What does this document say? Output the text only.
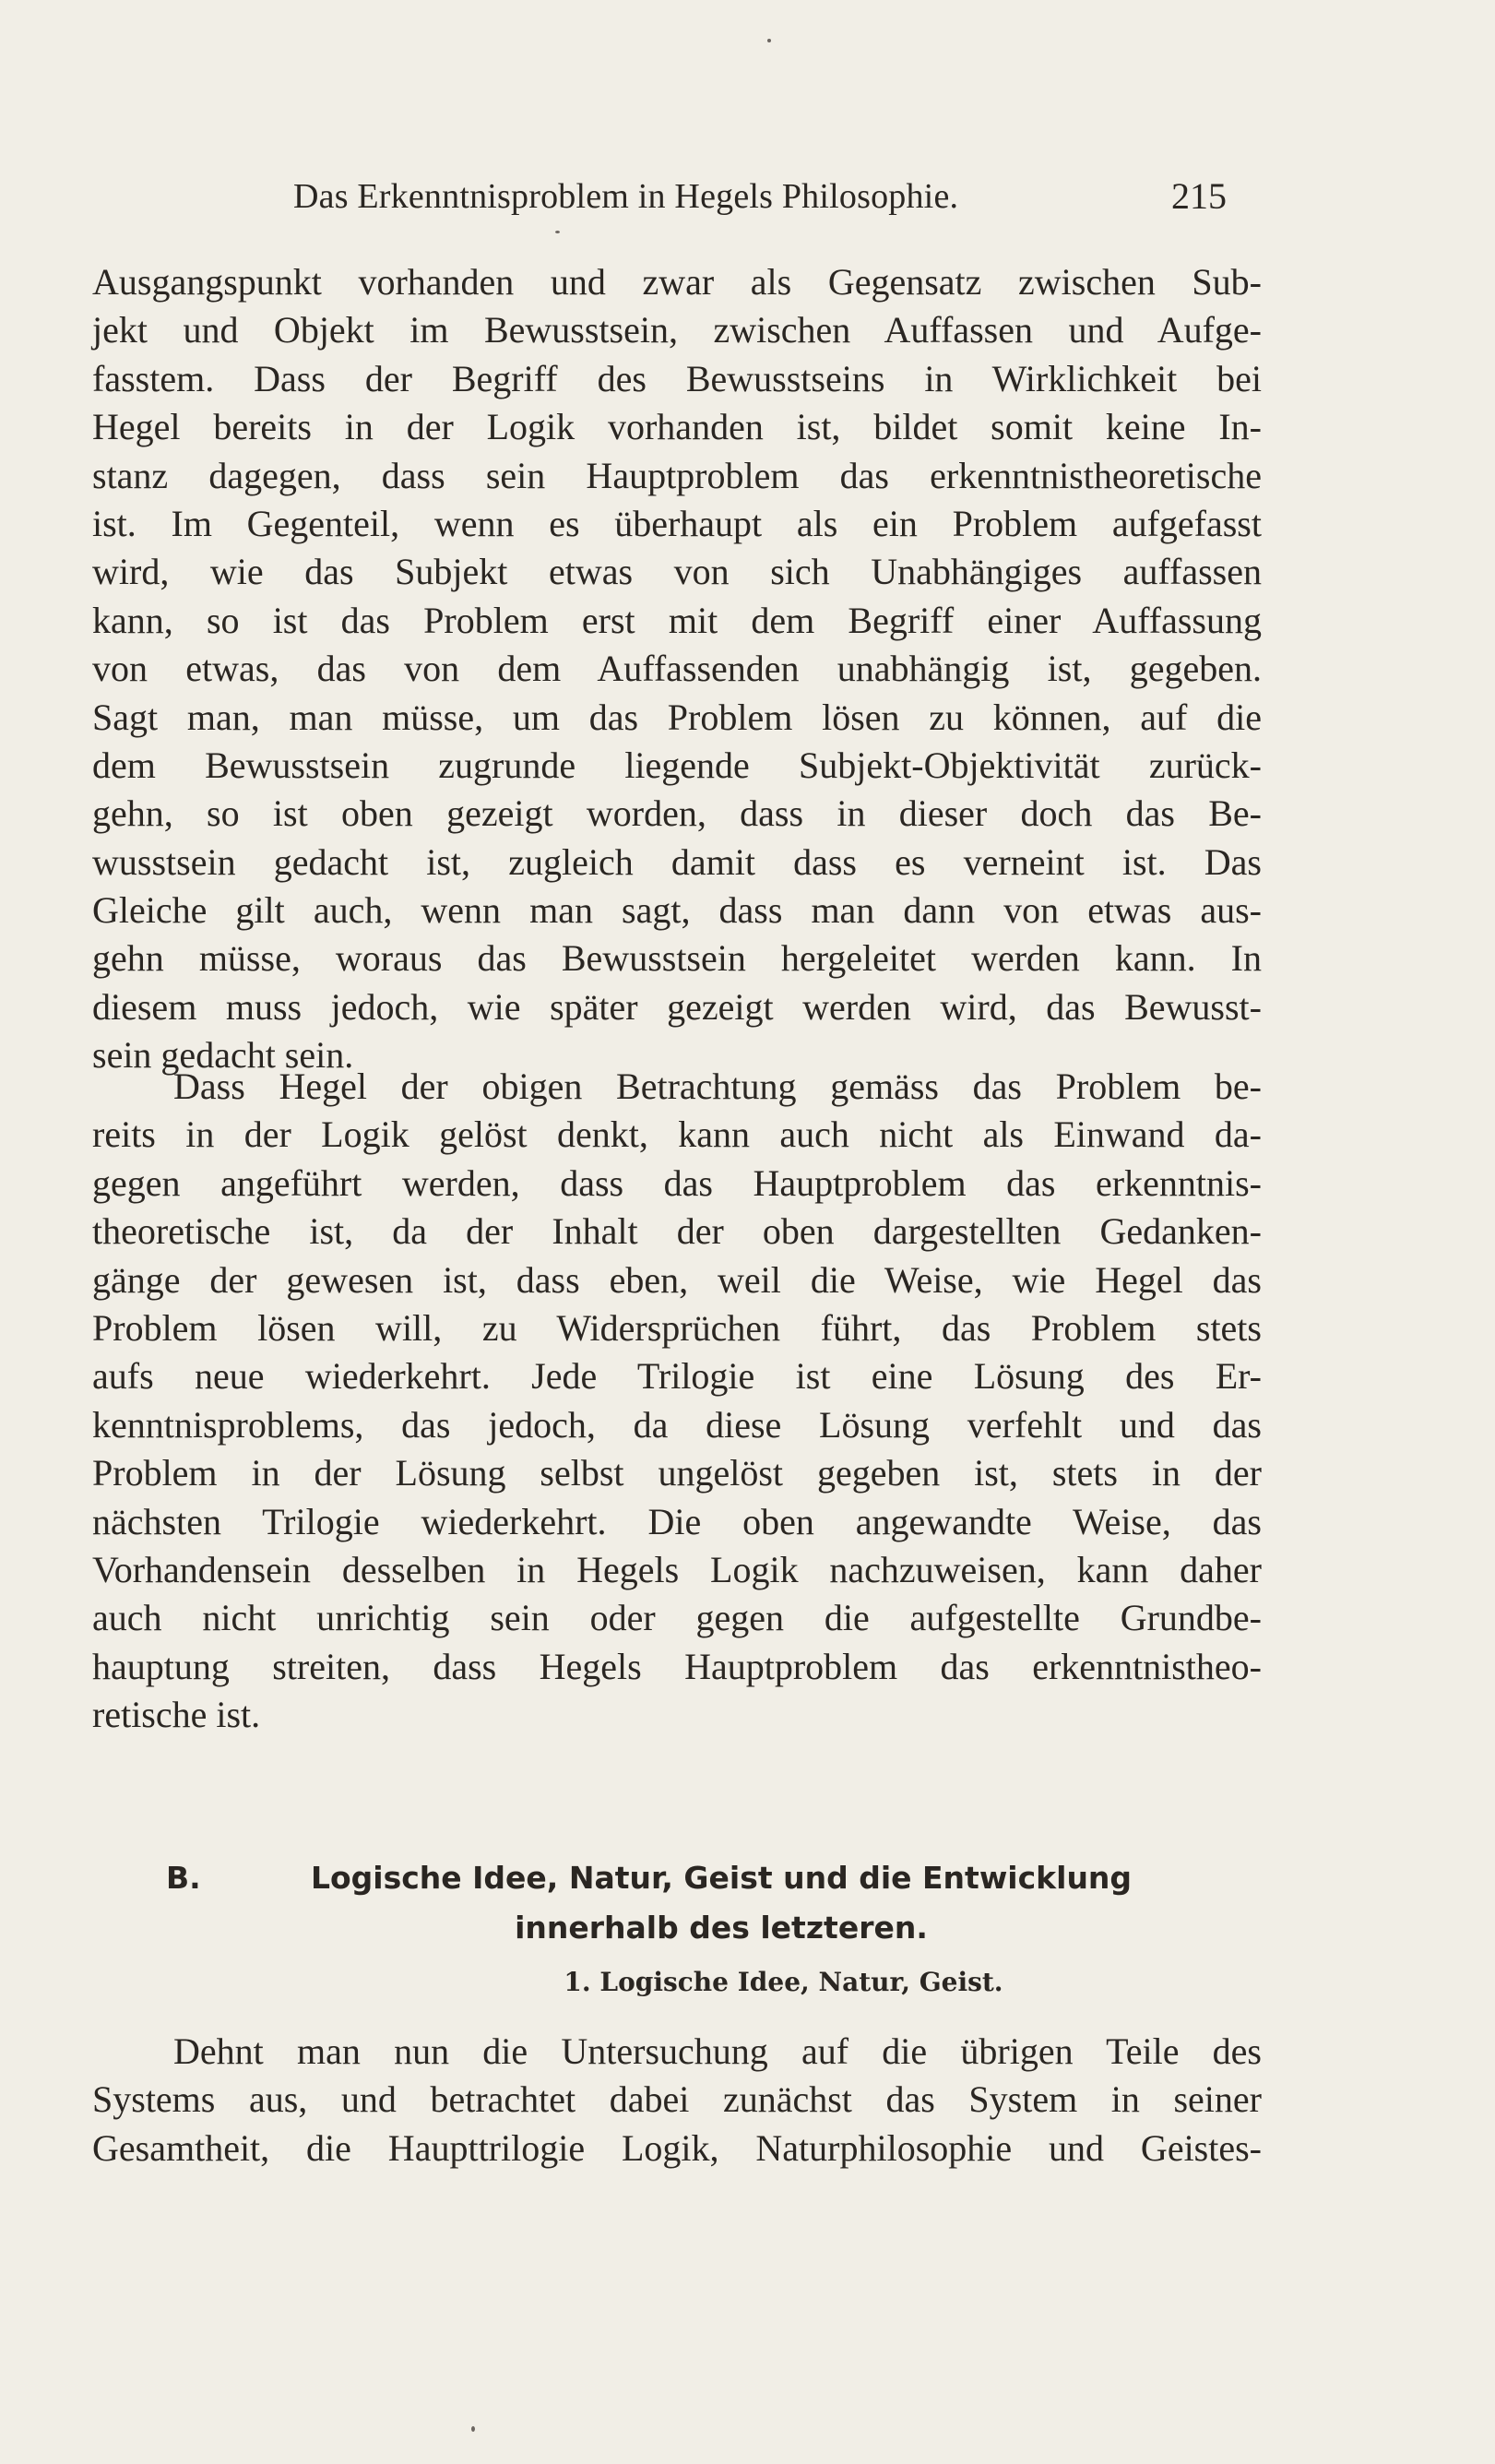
Das Erkenntnisproblem in Hegels Philosophie.	215
Ausgangspunkt vorhanden und zwar als Gegensatz zwischen Sub-
jekt und Objekt im Bewusstsein, zwischen Auffassen und Aufge-
fasstem. Dass der Begriff des Bewusstseins in Wirklichkeit bei
Hegel bereits in der Logik vorhanden ist, bildet somit keine In-
stanz dagegen, dass sein Hauptproblem das erkenntnistheoretische
ist. Im Gegenteil, wenn es überhaupt als ein Problem aufgefasst
wird, wie das Subjekt etwas von sich Unabhängiges auffassen
kann, so ist das Problem erst mit dem Begriff einer Auffassung
von etwas, das von dem Auffassenden unabhängig ist, gegeben.
Sagt man, man müsse, um das Problem lösen zu können, auf die
dem Bewusstsein zugrunde liegende Subjekt-Objektivität zurück-
gehn, so ist oben gezeigt worden, dass in dieser doch das Be-
wusstsein gedacht ist, zugleich damit dass es verneint ist. Das
Gleiche gilt auch, wenn man sagt, dass man dann von etwas aus-
gehn müsse, woraus das Bewusstsein hergeleitet werden kann. In
diesem muss jedoch, wie später gezeigt werden wird, das Bewusst-
sein gedacht sein.
Dass Hegel der obigen Betrachtung gemäss das Problem be-
reits in der Logik gelöst denkt, kann auch nicht als Einwand da-
gegen angeführt werden, dass das Hauptproblem das erkenntnis-
theoretische ist, da der Inhalt der oben dargestellten Gedanken-
gänge der gewesen ist, dass eben, weil die Weise, wie Hegel das
Problem lösen will, zu Widersprüchen führt, das Problem stets
aufs neue wiederkehrt. Jede Trilogie ist eine Lösung des Er-
kenntnisproblems, das jedoch, da diese Lösung verfehlt und das
Problem in der Lösung selbst ungelöst gegeben ist, stets in der
nächsten Trilogie wiederkehrt. Die oben angewandte Weise, das
Vorhandensein desselben in Hegels Logik nachzuweisen, kann daher
auch nicht unrichtig sein oder gegen die aufgestellte Grundbe-
hauptung streiten, dass Hegels Hauptproblem das erkenntnistheo-
retische ist.
B.	Logische Idee, Natur, Geist und die Entwicklung
innerhalb des letzteren.
1. Logische Idee, Natur, Geist.
Dehnt man nun die Untersuchung auf die übrigen Teile des
Systems aus, und betrachtet dabei zunächst das System in seiner
Gesamtheit, die Haupttrilogie Logik, Naturphilosophie und Geistes-
